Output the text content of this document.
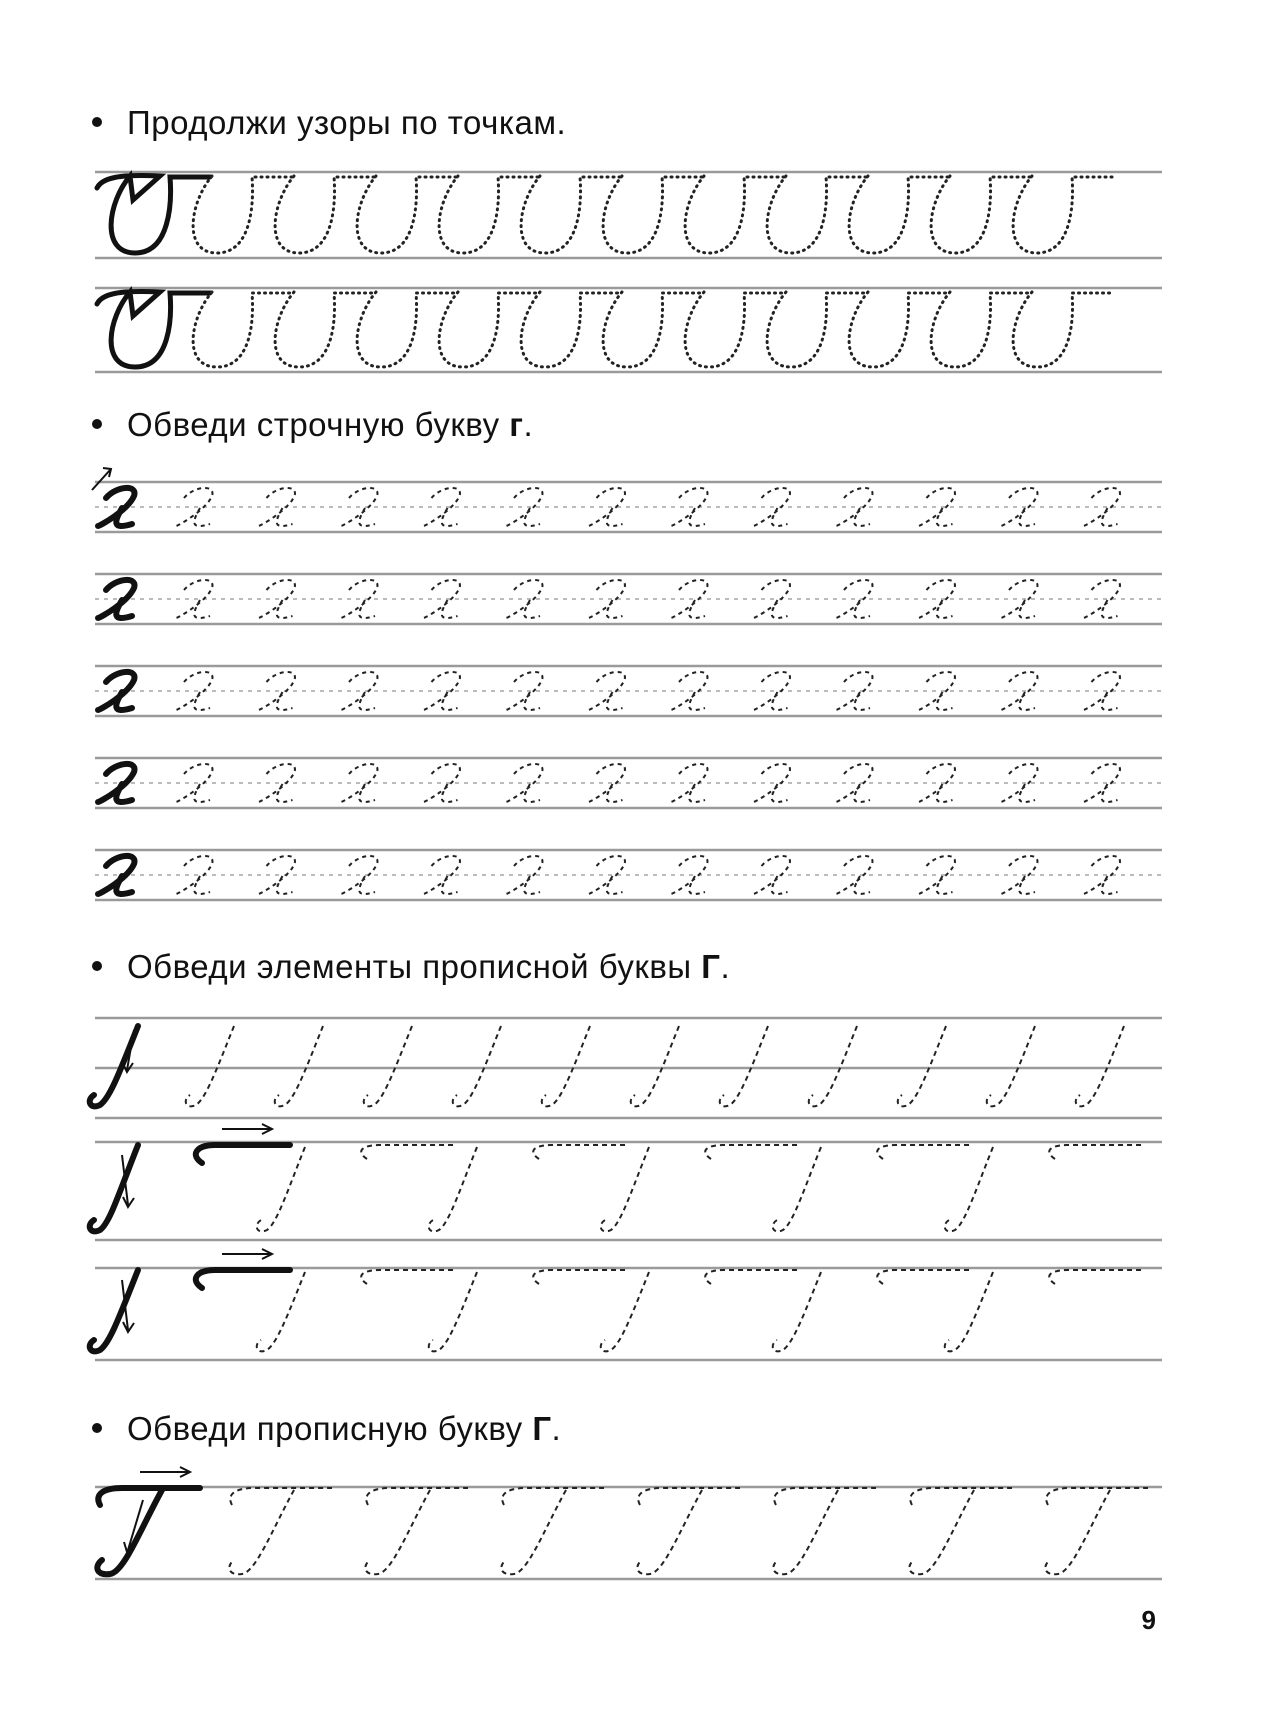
Продолжи узоры по точкам.
Обведи строчную букву г.
Обведи элементы прописной буквы Г.
Обведи прописную букву Г.
9
